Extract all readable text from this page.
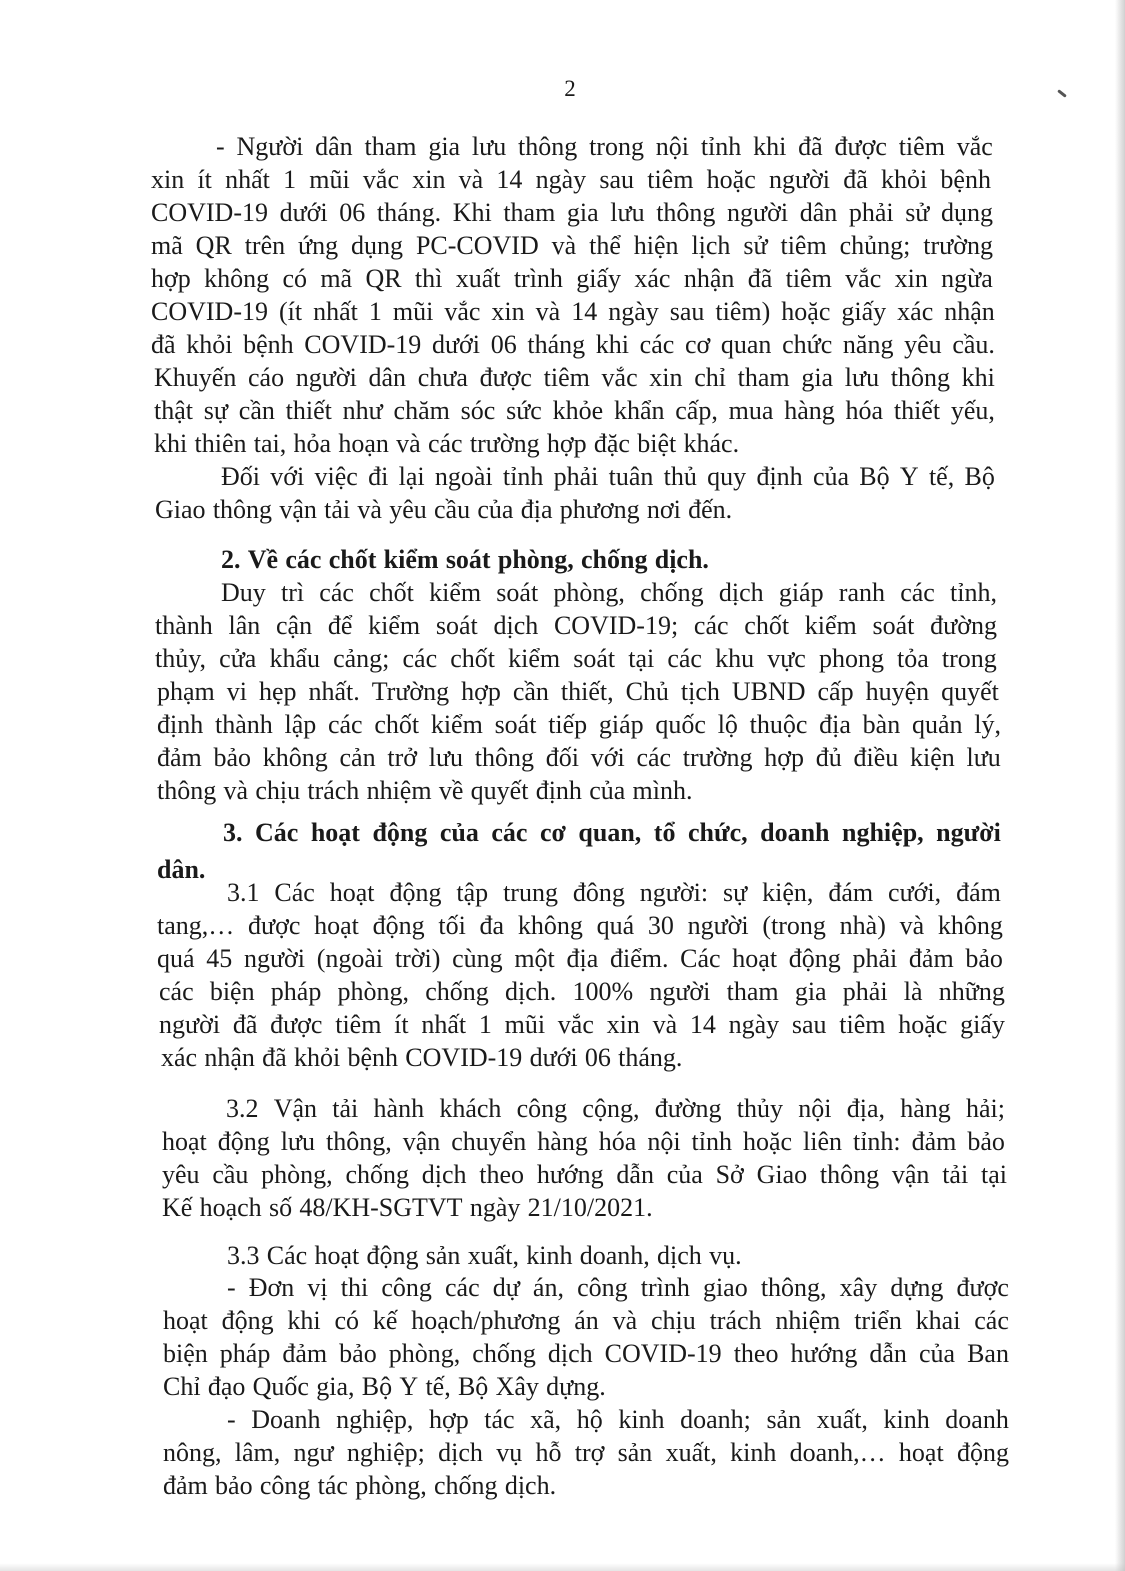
2
- Người dân tham gia lưu thông trong nội tỉnh khi đã được tiêm vắc
xin ít nhất 1 mũi vắc xin và 14 ngày sau tiêm hoặc người đã khỏi bệnh
COVID-19 dưới 06 tháng. Khi tham gia lưu thông người dân phải sử dụng
mã QR trên ứng dụng PC-COVID và thể hiện lịch sử tiêm chủng; trường
hợp không có mã QR thì xuất trình giấy xác nhận đã tiêm vắc xin ngừa
COVID-19 (ít nhất 1 mũi vắc xin và 14 ngày sau tiêm) hoặc giấy xác nhận
đã khỏi bệnh COVID-19 dưới 06 tháng khi các cơ quan chức năng yêu cầu.
Khuyến cáo người dân chưa được tiêm vắc xin chỉ tham gia lưu thông khi
thật sự cần thiết như chăm sóc sức khỏe khẩn cấp, mua hàng hóa thiết yếu,
khi thiên tai, hỏa hoạn và các trường hợp đặc biệt khác.
Đối với việc đi lại ngoài tỉnh phải tuân thủ quy định của Bộ Y tế, Bộ
Giao thông vận tải và yêu cầu của địa phương nơi đến.
2. Về các chốt kiểm soát phòng, chống dịch.
Duy trì các chốt kiểm soát phòng, chống dịch giáp ranh các tỉnh,
thành lân cận để kiểm soát dịch COVID-19; các chốt kiểm soát đường
thủy, cửa khẩu cảng; các chốt kiểm soát tại các khu vực phong tỏa trong
phạm vi hẹp nhất. Trường hợp cần thiết, Chủ tịch UBND cấp huyện quyết
định thành lập các chốt kiểm soát tiếp giáp quốc lộ thuộc địa bàn quản lý,
đảm bảo không cản trở lưu thông đối với các trường hợp đủ điều kiện lưu
thông và chịu trách nhiệm về quyết định của mình.
3. Các hoạt động của các cơ quan, tổ chức, doanh nghiệp, người
dân.
3.1 Các hoạt động tập trung đông người: sự kiện, đám cưới, đám
tang,… được hoạt động tối đa không quá 30 người (trong nhà) và không
quá 45 người (ngoài trời) cùng một địa điểm. Các hoạt động phải đảm bảo
các biện pháp phòng, chống dịch. 100% người tham gia phải là những
người đã được tiêm ít nhất 1 mũi vắc xin và 14 ngày sau tiêm hoặc giấy
xác nhận đã khỏi bệnh COVID-19 dưới 06 tháng.
3.2 Vận tải hành khách công cộng, đường thủy nội địa, hàng hải;
hoạt động lưu thông, vận chuyển hàng hóa nội tỉnh hoặc liên tỉnh: đảm bảo
yêu cầu phòng, chống dịch theo hướng dẫn của Sở Giao thông vận tải tại
Kế hoạch số 48/KH-SGTVT ngày 21/10/2021.
3.3 Các hoạt động sản xuất, kinh doanh, dịch vụ.
- Đơn vị thi công các dự án, công trình giao thông, xây dựng được
hoạt động khi có kế hoạch/phương án và chịu trách nhiệm triển khai các
biện pháp đảm bảo phòng, chống dịch COVID-19 theo hướng dẫn của Ban
Chỉ đạo Quốc gia, Bộ Y tế, Bộ Xây dựng.
- Doanh nghiệp, hợp tác xã, hộ kinh doanh; sản xuất, kinh doanh
nông, lâm, ngư nghiệp; dịch vụ hỗ trợ sản xuất, kinh doanh,… hoạt động
đảm bảo công tác phòng, chống dịch.
